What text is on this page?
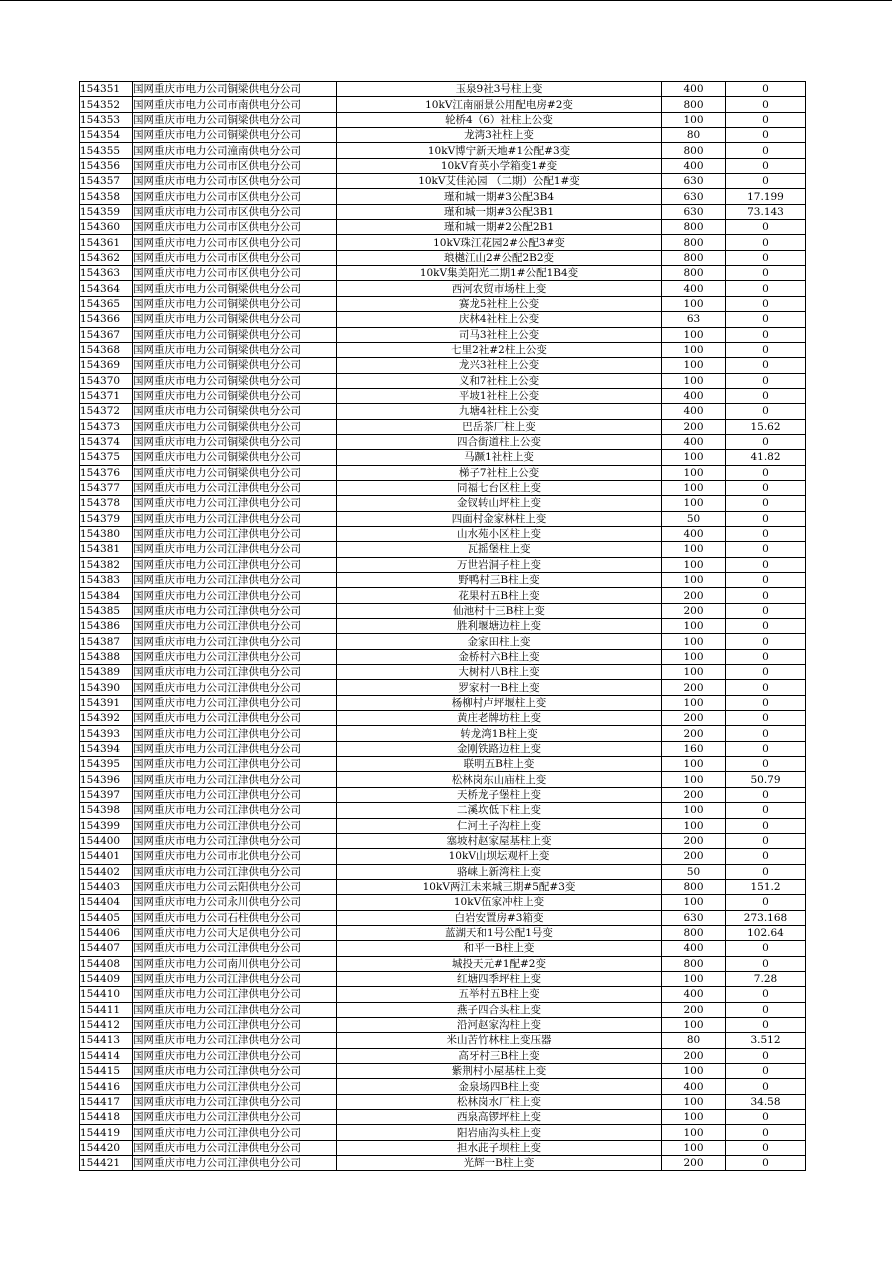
154351	国网重庆市电力公司铜梁供电分公司	玉泉9社3号柱上变	400	0
154352	国网重庆市电力公司市南供电分公司	10kV江南丽景公用配电房#2变	800	0
154353	国网重庆市电力公司铜梁供电分公司	轮桥4（6）社柱上公变	100	0
154354	国网重庆市电力公司铜梁供电分公司	龙湾3社柱上变	80	0
154355	国网重庆市电力公司潼南供电分公司	10kV博宁新天地#1公配#3变	800	0
154356	国网重庆市电力公司市区供电分公司	10kV育英小学箱变1#变	400	0
154357	国网重庆市电力公司市区供电分公司	10kV艾佳沁园 （二期）公配1#变	630	0
154358	国网重庆市电力公司市区供电分公司	瑾和城一期#3公配3B4	630	17.199
154359	国网重庆市电力公司市区供电分公司	瑾和城一期#3公配3B1	630	73.143
154360	国网重庆市电力公司市区供电分公司	瑾和城一期#2公配2B1	800	0
154361	国网重庆市电力公司市区供电分公司	10kV珠江花园2#公配3#变	800	0
154362	国网重庆市电力公司市区供电分公司	琅樾江山2#公配2B2变	800	0
154363	国网重庆市电力公司市区供电分公司	10kV集美阳光二期1#公配1B4变	800	0
154364	国网重庆市电力公司铜梁供电分公司	西河农贸市场柱上变	400	0
154365	国网重庆市电力公司铜梁供电分公司	赛龙5社柱上公变	100	0
154366	国网重庆市电力公司铜梁供电分公司	庆林4社柱上公变	63	0
154367	国网重庆市电力公司铜梁供电分公司	司马3社柱上公变	100	0
154368	国网重庆市电力公司铜梁供电分公司	七里2社#2柱上公变	100	0
154369	国网重庆市电力公司铜梁供电分公司	龙兴3社柱上公变	100	0
154370	国网重庆市电力公司铜梁供电分公司	义和7社柱上公变	100	0
154371	国网重庆市电力公司铜梁供电分公司	平坡1社柱上公变	400	0
154372	国网重庆市电力公司铜梁供电分公司	九塘4社柱上公变	400	0
154373	国网重庆市电力公司铜梁供电分公司	巴岳茶厂柱上变	200	15.62
154374	国网重庆市电力公司铜梁供电分公司	四合街道柱上公变	400	0
154375	国网重庆市电力公司铜梁供电分公司	马蹶1社柱上变	100	41.82
154376	国网重庆市电力公司铜梁供电分公司	梯子7社柱上公变	100	0
154377	国网重庆市电力公司江津供电分公司	同福七台区柱上变	100	0
154378	国网重庆市电力公司江津供电分公司	金钗转山坪柱上变	100	0
154379	国网重庆市电力公司江津供电分公司	四面村金家林柱上变	50	0
154380	国网重庆市电力公司江津供电分公司	山水苑小区柱上变	400	0
154381	国网重庆市电力公司江津供电分公司	瓦摇堡柱上变	100	0
154382	国网重庆市电力公司江津供电分公司	万世岩洞子柱上变	100	0
154383	国网重庆市电力公司江津供电分公司	野鸭村三B柱上变	100	0
154384	国网重庆市电力公司江津供电分公司	花果村五B柱上变	200	0
154385	国网重庆市电力公司江津供电分公司	仙池村十三B柱上变	200	0
154386	国网重庆市电力公司江津供电分公司	胜利堰塘边柱上变	100	0
154387	国网重庆市电力公司江津供电分公司	金家田柱上变	100	0
154388	国网重庆市电力公司江津供电分公司	金桥村六B柱上变	100	0
154389	国网重庆市电力公司江津供电分公司	大树村八B柱上变	100	0
154390	国网重庆市电力公司江津供电分公司	罗家村一B柱上变	200	0
154391	国网重庆市电力公司江津供电分公司	杨柳村卢坪堰柱上变	100	0
154392	国网重庆市电力公司江津供电分公司	黄庄老牌坊柱上变	200	0
154393	国网重庆市电力公司江津供电分公司	转龙湾1B柱上变	200	0
154394	国网重庆市电力公司江津供电分公司	金刚铁路边柱上变	160	0
154395	国网重庆市电力公司江津供电分公司	联明五B柱上变	100	0
154396	国网重庆市电力公司江津供电分公司	松林岗东山庙柱上变	100	50.79
154397	国网重庆市电力公司江津供电分公司	天桥龙子堡柱上变	200	0
154398	国网重庆市电力公司江津供电分公司	二溪坎低下柱上变	100	0
154399	国网重庆市电力公司江津供电分公司	仁河土子沟柱上变	100	0
154400	国网重庆市电力公司江津供电分公司	塞坡村赵家屋基柱上变	200	0
154401	国网重庆市电力公司市北供电分公司	10kV山坝坛观杆上变	200	0
154402	国网重庆市电力公司江津供电分公司	骆崃上新湾柱上变	50	0
154403	国网重庆市电力公司云阳供电分公司	10kV两江未来城三期#5配#3变	800	151.2
154404	国网重庆市电力公司永川供电分公司	10kV伍家冲柱上变	100	0
154405	国网重庆市电力公司石柱供电分公司	白岩安置房#3箱变	630	273.168
154406	国网重庆市电力公司大足供电分公司	蓝湖天和1号公配1号变	800	102.64
154407	国网重庆市电力公司江津供电分公司	和平一B柱上变	400	0
154408	国网重庆市电力公司南川供电分公司	城投天元#1配#2变	800	0
154409	国网重庆市电力公司江津供电分公司	红塘四季坪柱上变	100	7.28
154410	国网重庆市电力公司江津供电分公司	五举村五B柱上变	400	0
154411	国网重庆市电力公司江津供电分公司	燕子四合头柱上变	200	0
154412	国网重庆市电力公司江津供电分公司	沿河赵家沟柱上变	100	0
154413	国网重庆市电力公司江津供电分公司	米山苦竹林柱上变压器	80	3.512
154414	国网重庆市电力公司江津供电分公司	高牙村三B柱上变	200	0
154415	国网重庆市电力公司江津供电分公司	紫荆村小屋基柱上变	100	0
154416	国网重庆市电力公司江津供电分公司	金泉场四B柱上变	400	0
154417	国网重庆市电力公司江津供电分公司	松林岗水厂柱上变	100	34.58
154418	国网重庆市电力公司江津供电分公司	西泉高锣坪柱上变	100	0
154419	国网重庆市电力公司江津供电分公司	阳岩庙沟头柱上变	100	0
154420	国网重庆市电力公司江津供电分公司	担水茈子坝柱上变	100	0
154421	国网重庆市电力公司江津供电分公司	光辉一B柱上变	200	0
